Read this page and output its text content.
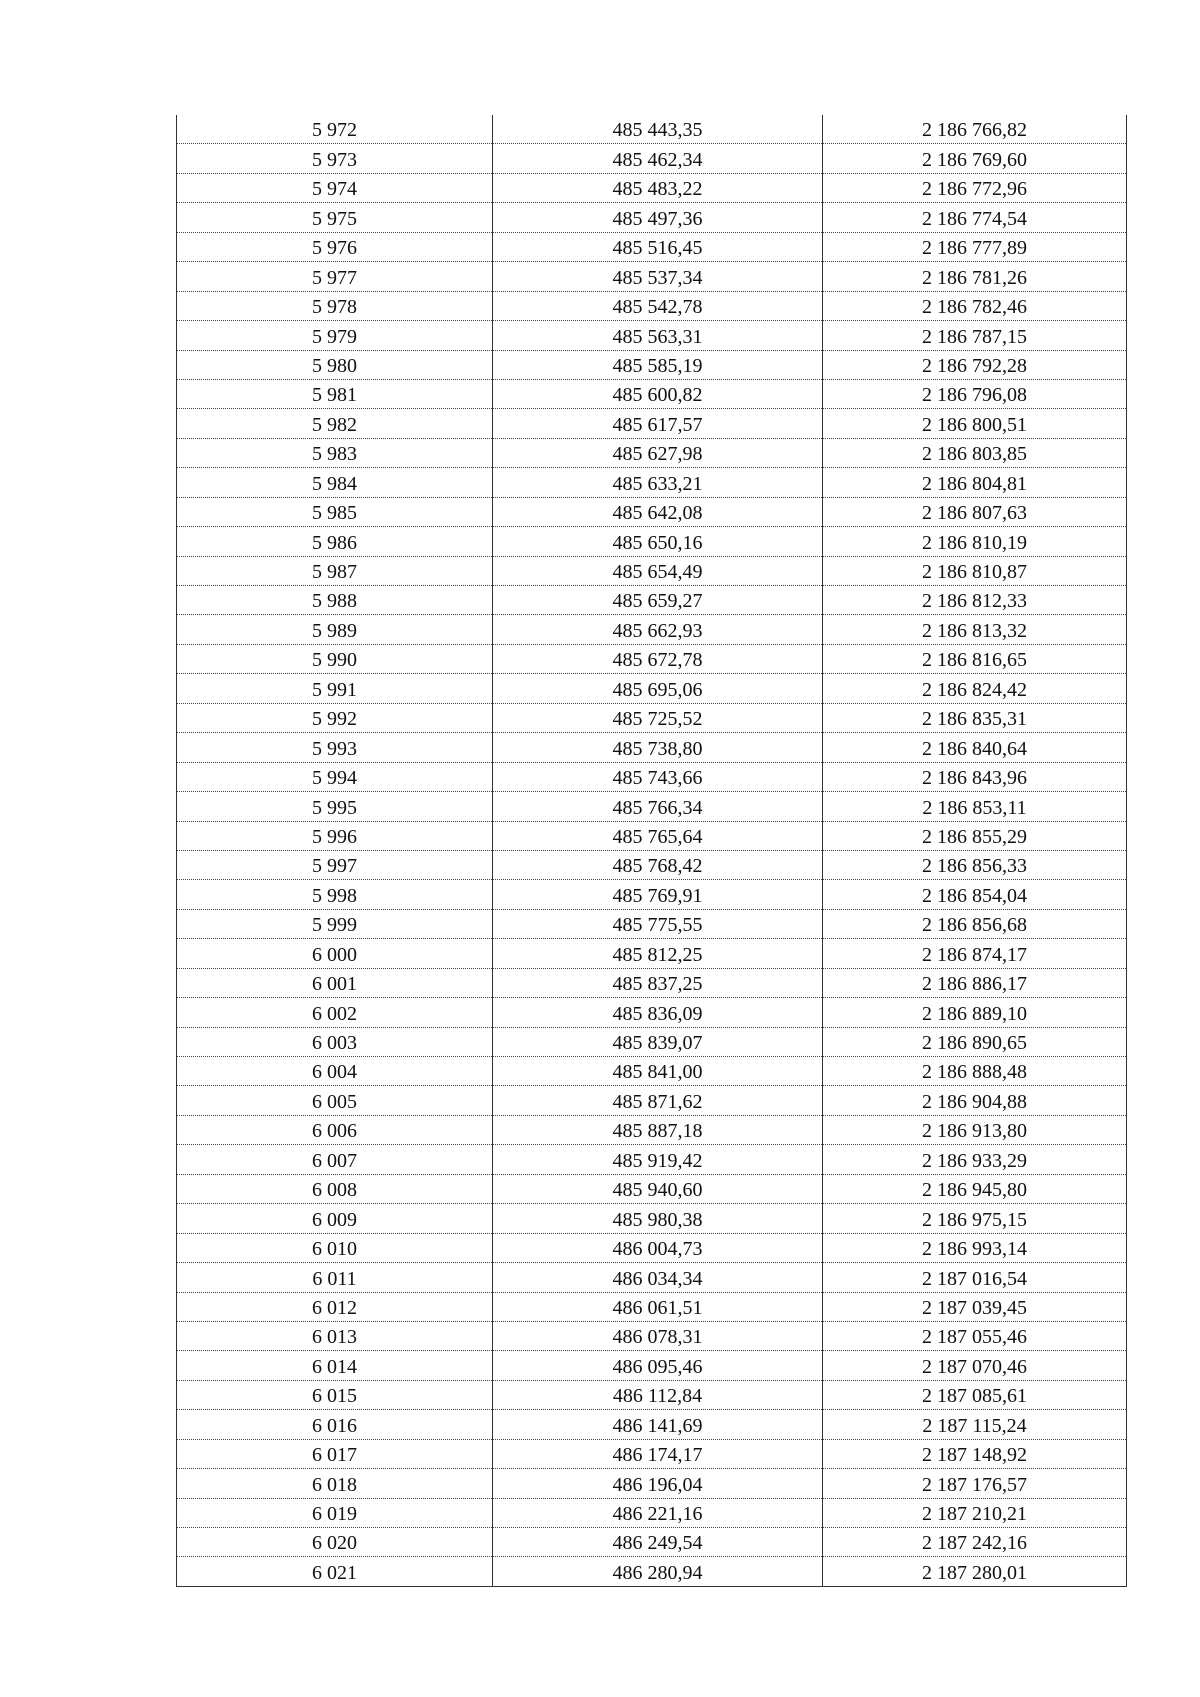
5 972	485 443,35	2 186 766,82
5 973	485 462,34	2 186 769,60
5 974	485 483,22	2 186 772,96
5 975	485 497,36	2 186 774,54
5 976	485 516,45	2 186 777,89
5 977	485 537,34	2 186 781,26
5 978	485 542,78	2 186 782,46
5 979	485 563,31	2 186 787,15
5 980	485 585,19	2 186 792,28
5 981	485 600,82	2 186 796,08
5 982	485 617,57	2 186 800,51
5 983	485 627,98	2 186 803,85
5 984	485 633,21	2 186 804,81
5 985	485 642,08	2 186 807,63
5 986	485 650,16	2 186 810,19
5 987	485 654,49	2 186 810,87
5 988	485 659,27	2 186 812,33
5 989	485 662,93	2 186 813,32
5 990	485 672,78	2 186 816,65
5 991	485 695,06	2 186 824,42
5 992	485 725,52	2 186 835,31
5 993	485 738,80	2 186 840,64
5 994	485 743,66	2 186 843,96
5 995	485 766,34	2 186 853,11
5 996	485 765,64	2 186 855,29
5 997	485 768,42	2 186 856,33
5 998	485 769,91	2 186 854,04
5 999	485 775,55	2 186 856,68
6 000	485 812,25	2 186 874,17
6 001	485 837,25	2 186 886,17
6 002	485 836,09	2 186 889,10
6 003	485 839,07	2 186 890,65
6 004	485 841,00	2 186 888,48
6 005	485 871,62	2 186 904,88
6 006	485 887,18	2 186 913,80
6 007	485 919,42	2 186 933,29
6 008	485 940,60	2 186 945,80
6 009	485 980,38	2 186 975,15
6 010	486 004,73	2 186 993,14
6 011	486 034,34	2 187 016,54
6 012	486 061,51	2 187 039,45
6 013	486 078,31	2 187 055,46
6 014	486 095,46	2 187 070,46
6 015	486 112,84	2 187 085,61
6 016	486 141,69	2 187 115,24
6 017	486 174,17	2 187 148,92
6 018	486 196,04	2 187 176,57
6 019	486 221,16	2 187 210,21
6 020	486 249,54	2 187 242,16
6 021	486 280,94	2 187 280,01
